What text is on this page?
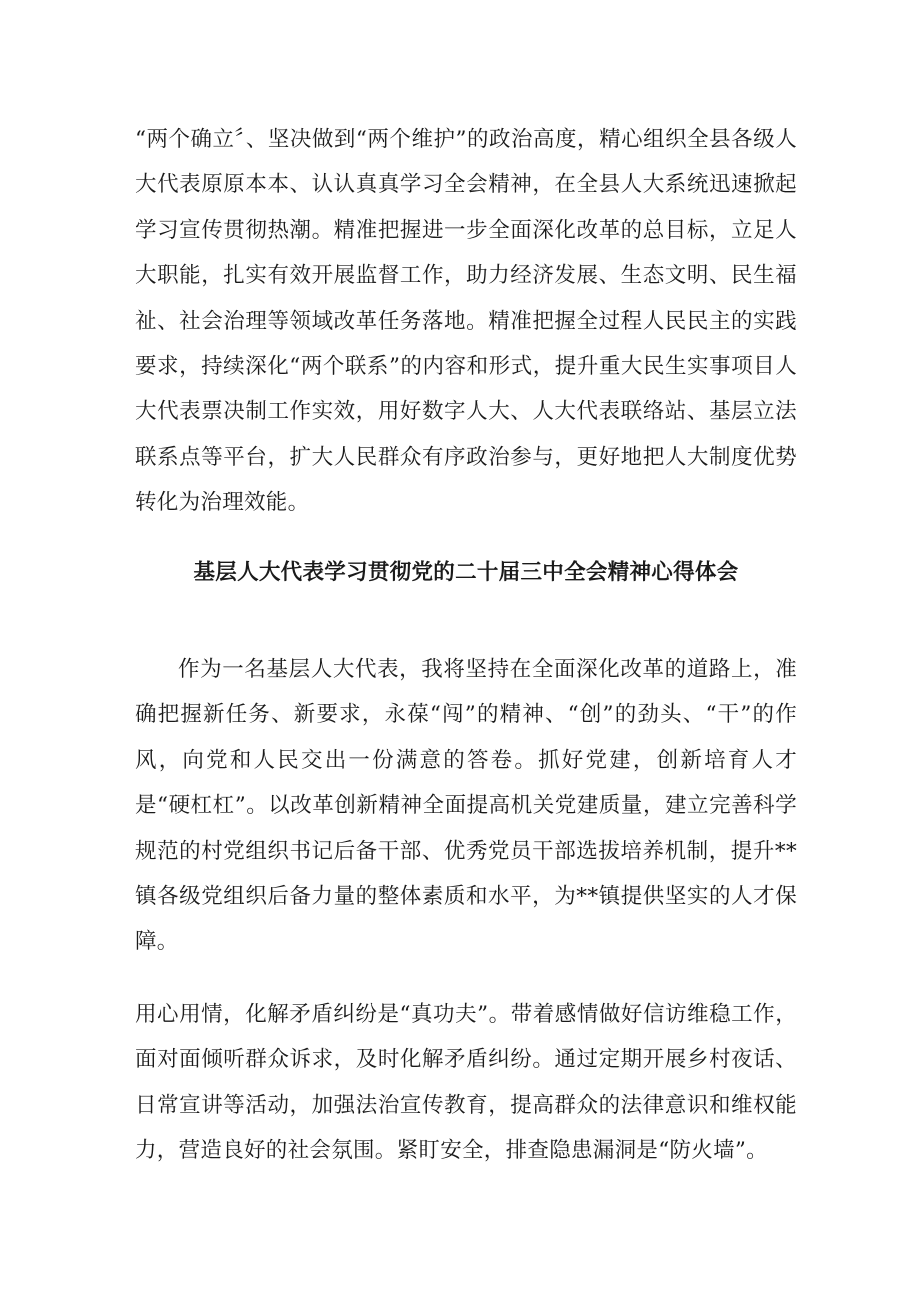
“两个确立〞、坚决做到“两个维护”的政治高度，精心组织全县各级人大代表原原本本、认认真真学习全会精神，在全县人大系统迅速掀起学习宣传贯彻热潮。精准把握进一步全面深化改革的总目标，立足人大职能，扎实有效开展监督工作，助力经济发展、生态文明、民生福祉、社会治理等领域改革任务落地。精准把握全过程人民民主的实践要求，持续深化“两个联系”的内容和形式，提升重大民生实事项目人大代表票决制工作实效，用好数字人大、人大代表联络站、基层立法联系点等平台，扩大人民群众有序政治参与，更好地把人大制度优势转化为治理效能。

基层人大代表学习贯彻党的二十届三中全会精神心得体会

作为一名基层人大代表，我将坚持在全面深化改革的道路上，准确把握新任务、新要求，永葆“闯”的精神、“创”的劲头、“干”的作风，向党和人民交出一份满意的答卷。抓好党建，创新培育人才是“硬杠杠”。以改革创新精神全面提高机关党建质量，建立完善科学规范的村党组织书记后备干部、优秀党员干部选拔培养机制，提升**镇各级党组织后备力量的整体素质和水平，为**镇提供坚实的人才保障。

用心用情，化解矛盾纠纷是“真功夫”。带着感情做好信访维稳工作，面对面倾听群众诉求，及时化解矛盾纠纷。通过定期开展乡村夜话、日常宣讲等活动，加强法治宣传教育，提高群众的法律意识和维权能力，营造良好的社会氛围。紧盯安全，排查隐患漏洞是“防火墙”。
